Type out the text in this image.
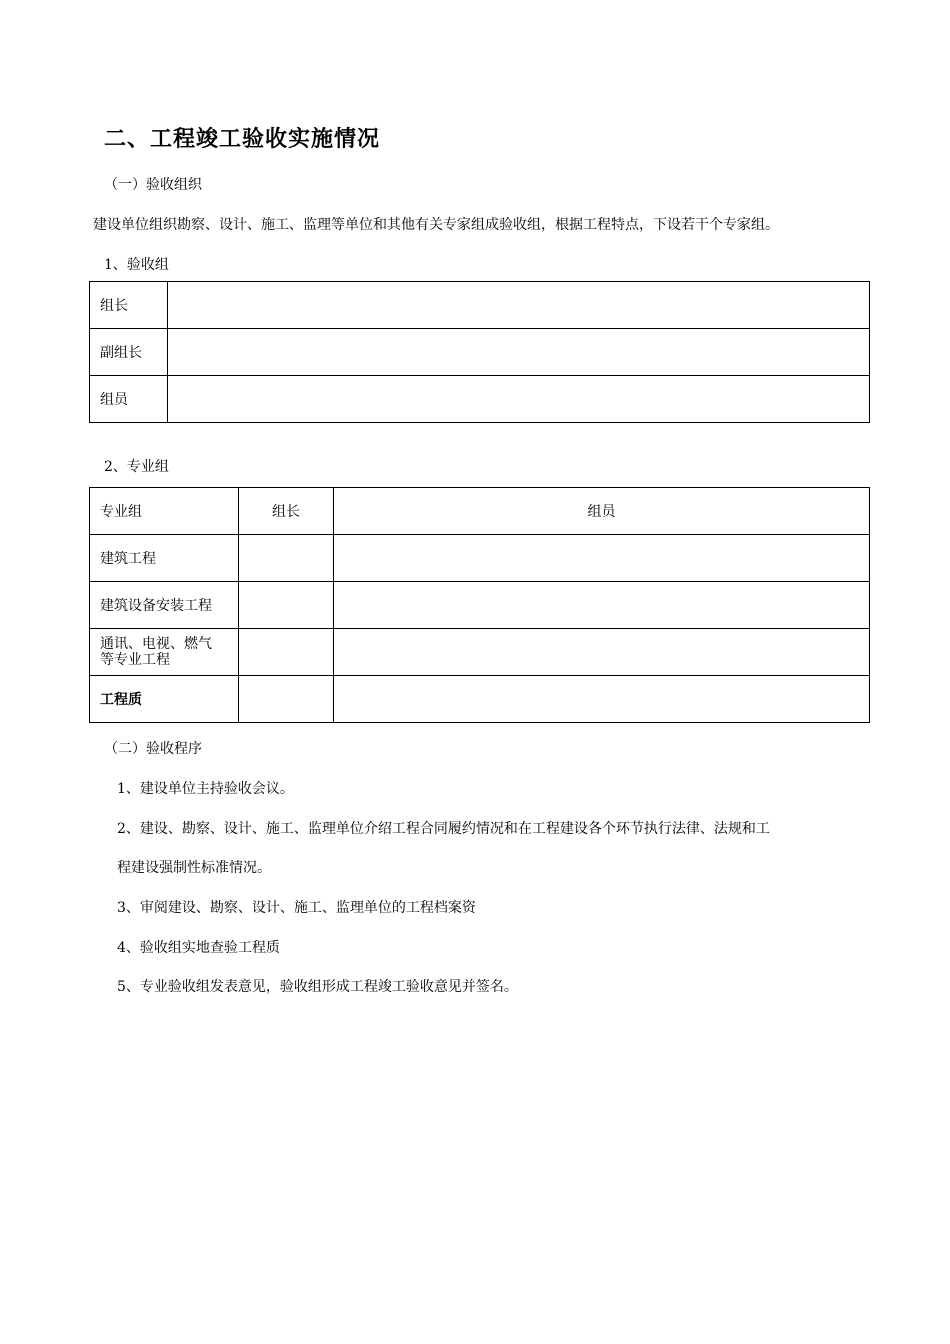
二、工程竣工验收实施情况
（一）验收组织
建设单位组织勘察、设计、施工、监理等单位和其他有关专家组成验收组，根据工程特点，下设若干个专家组。
1、验收组
组长	
副组长	
组员	
2、专业组
专业组	组长	组员
建筑工程		
建筑设备安装工程		
通讯、电视、燃气
等专业工程		
工程质		
（二）验收程序
1、建设单位主持验收会议。
2、建设、勘察、设计、施工、监理单位介绍工程合同履约情况和在工程建设各个环节执行法律、法规和工
程建设强制性标准情况。
3、审阅建设、勘察、设计、施工、监理单位的工程档案资
4、验收组实地查验工程质
5、专业验收组发表意见，验收组形成工程竣工验收意见并签名。
